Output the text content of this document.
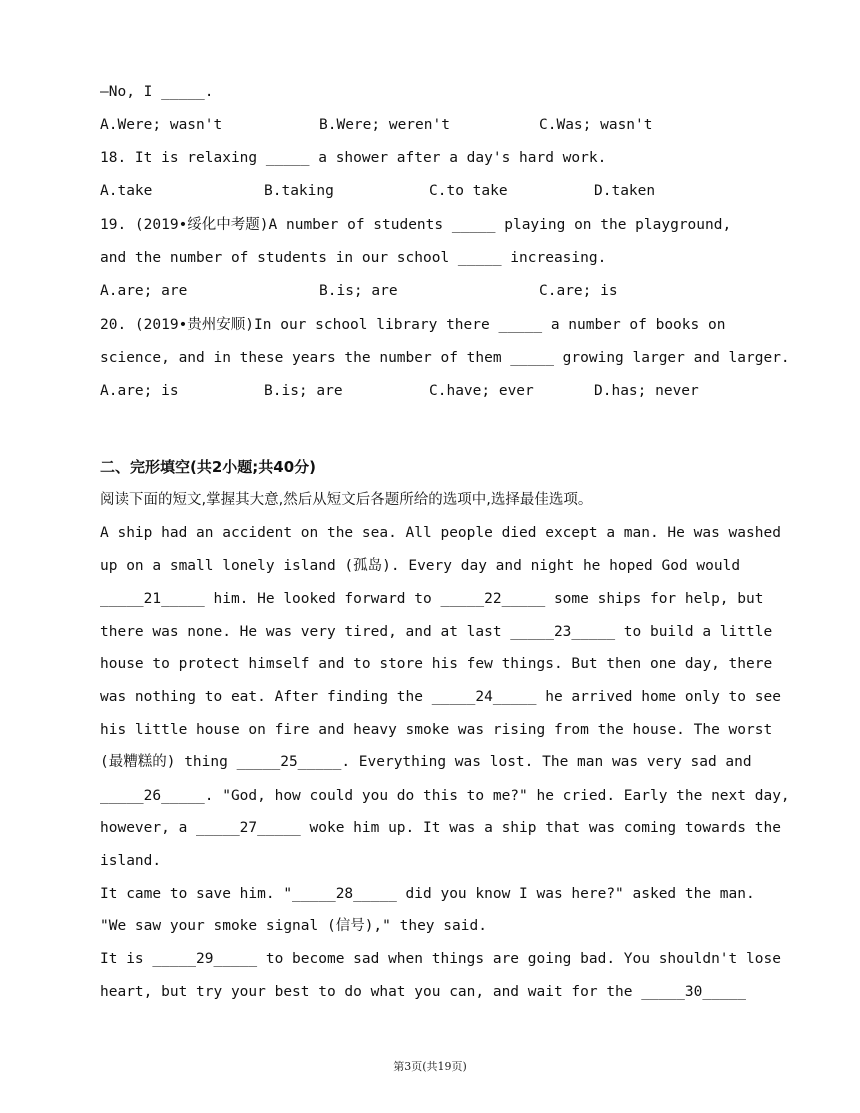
—No, I _____.
A.Were; wasn't	B.Were; weren't	C.Was; wasn't
18. It is relaxing _____ a shower after a day's hard work.
A.take	B.taking	C.to take	D.taken
19. (2019•绥化中考题)A number of students _____ playing on the playground,
and the number of students in our school _____ increasing.
A.are; are	B.is; are	C.are; is
20. (2019•贵州安顺)In our school library there _____ a number of books on
science, and in these years the number of them _____ growing larger and larger.
A.are; is	B.is; are	C.have; ever	D.has; never
二、完形填空(共2小题;共40分)
阅读下面的短文,掌握其大意,然后从短文后各题所给的选项中,选择最佳选项。
A ship had an accident on the sea. All people died except a man. He was washed
up on a small lonely island (孤岛). Every day and night he hoped God would
_____21_____ him. He looked forward to _____22_____ some ships for help, but
there was none. He was very tired, and at last _____23_____ to build a little
house to protect himself and to store his few things. But then one day, there
was nothing to eat. After finding the _____24_____ he arrived home only to see
his little house on fire and heavy smoke was rising from the house. The worst
(最糟糕的) thing _____25_____. Everything was lost. The man was very sad and
_____26_____. "God, how could you do this to me?" he cried. Early the next day,
however, a _____27_____ woke him up. It was a ship that was coming towards the
island.
It came to save him. "_____28_____ did you know I was here?" asked the man.
"We saw your smoke signal (信号)," they said.
It is _____29_____ to become sad when things are going bad. You shouldn't lose
heart, but try your best to do what you can, and wait for the _____30_____
第3页(共19页)
